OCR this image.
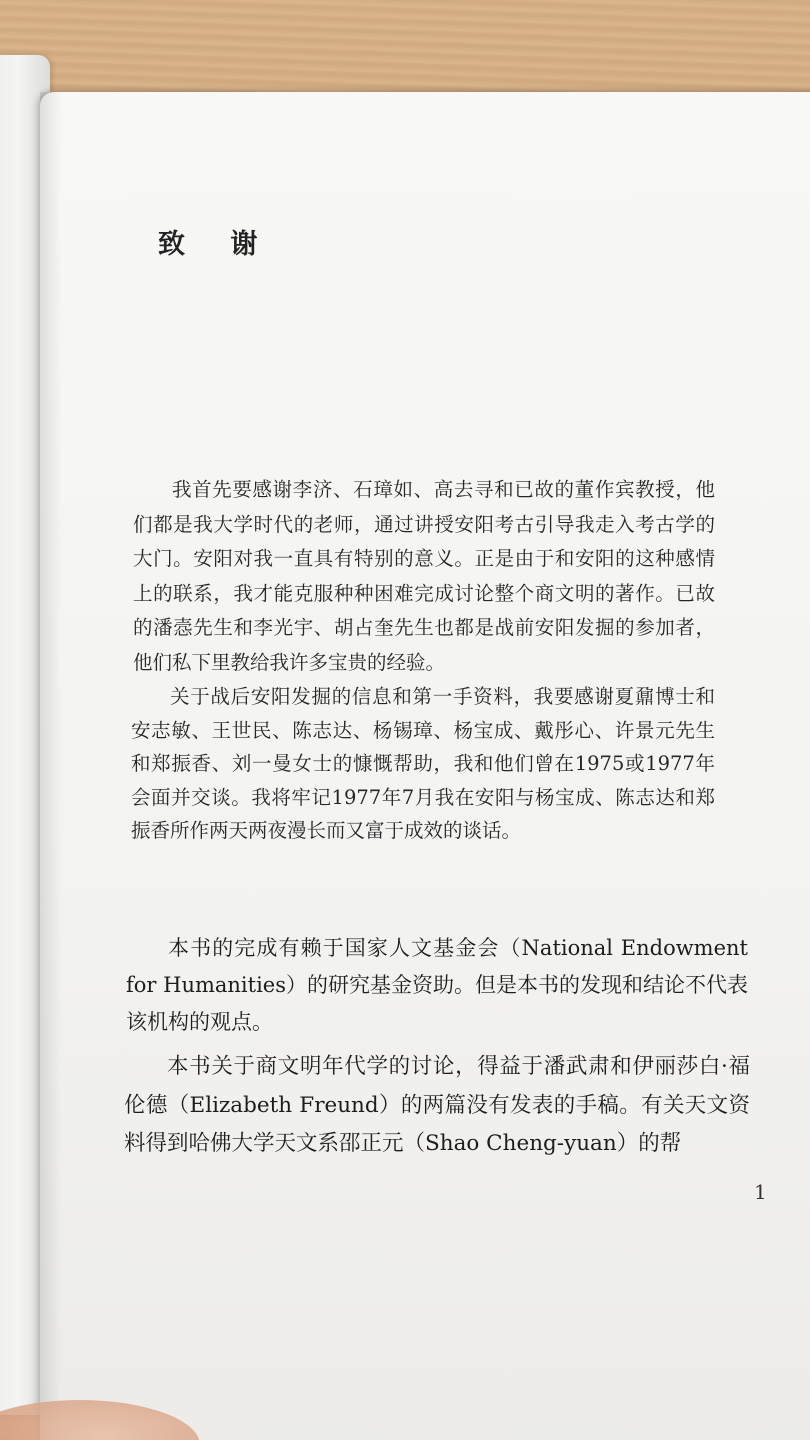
致 谢

我首先要感谢李济、石璋如、高去寻和已故的董作宾教授，他们都是我大学时代的老师，通过讲授安阳考古引导我走入考古学的大门。安阳对我一直具有特别的意义。正是由于和安阳的这种感情上的联系，我才能克服种种困难完成讨论整个商文明的著作。已故的潘悫先生和李光宇、胡占奎先生也都是战前安阳发掘的参加者，他们私下里教给我许多宝贵的经验。

关于战后安阳发掘的信息和第一手资料，我要感谢夏鼐博士和安志敏、王世民、陈志达、杨锡璋、杨宝成、戴彤心、许景元先生和郑振香、刘一曼女士的慷慨帮助，我和他们曾在1975或1977年会面并交谈。我将牢记1977年7月我在安阳与杨宝成、陈志达和郑振香所作两天两夜漫长而又富于成效的谈话。

本书的完成有赖于国家人文基金会（National Endowment for Humanities）的研究基金资助。但是本书的发现和结论不代表该机构的观点。

本书关于商文明年代学的讨论，得益于潘武肃和伊丽莎白·福伦德（Elizabeth Freund）的两篇没有发表的手稿。有关天文资料得到哈佛大学天文系邵正元（Shao Cheng-yuan）的帮

1
